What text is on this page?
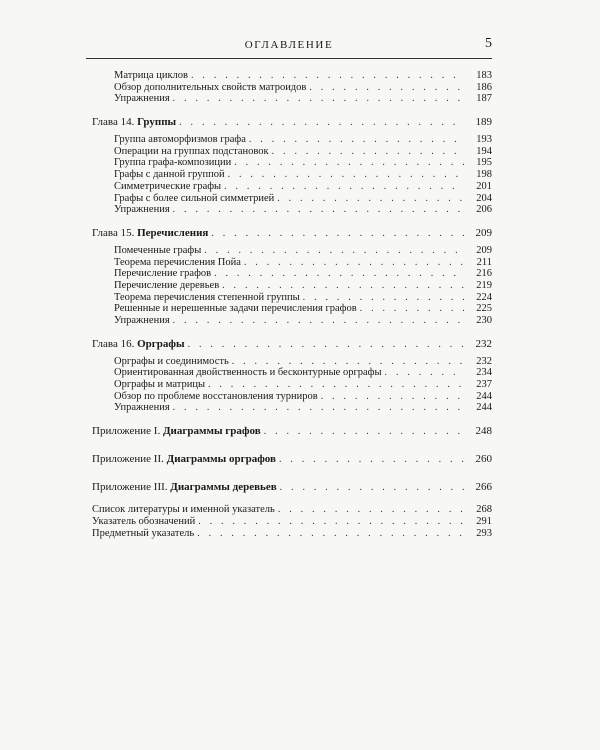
ОГЛАВЛЕНИЕ	5
Матрица циклов . . .	183
Обзор дополнительных свойств матроидов . . .	186
Упражнения . . .	187
Глава 14. Группы . . .	189
Группа автоморфизмов графа . . .	193
Операции на группах подстановок . . .	194
Группа графа-композиции . . .	195
Графы с данной группой . . .	198
Симметрические графы . . .	201
Графы с более сильной симметрией . . .	204
Упражнения . . .	206
Глава 15. Перечисления . . .	209
Помеченные графы . . .	209
Теорема перечисления Пойа . . .	211
Перечисление графов . . .	216
Перечисление деревьев . . .	219
Теорема перечисления степенной группы . . .	224
Решенные и нерешенные задачи перечисления графов . . .	225
Упражнения . . .	230
Глава 16. Орграфы . . .	232
Орграфы и соединимость . . .	232
Ориентированная двойственность и бесконтурные орграфы . . .	234
Орграфы и матрицы . . .	237
Обзор по проблеме восстановления турниров . . .	244
Упражнения . . .	244
Приложение I. Диаграммы графов . . .	248
Приложение II. Диаграммы орграфов . . .	260
Приложение III. Диаграммы деревьев . . .	266
Список литературы и именной указатель . . .	268
Указатель обозначений . . .	291
Предметный указатель . . .	293
